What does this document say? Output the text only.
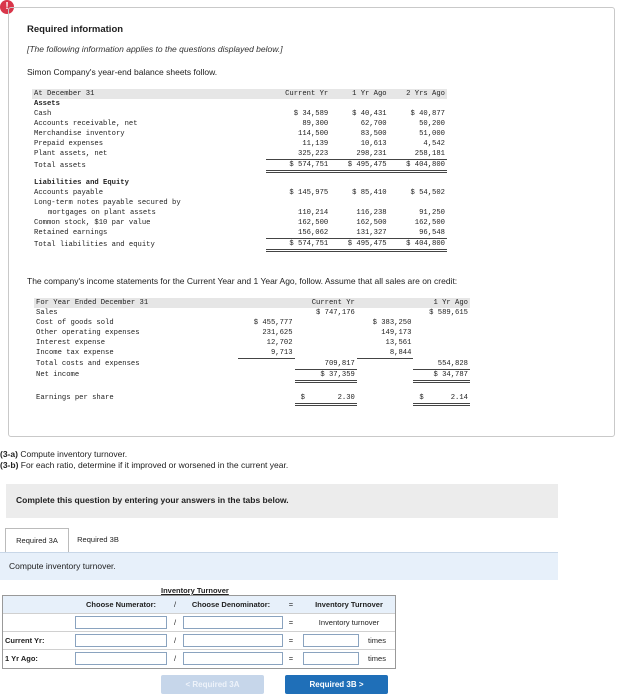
!
Required information
[The following information applies to the questions displayed below.]
Simon Company's year-end balance sheets follow.
At December 31	Current Yr	1 Yr Ago	2 Yrs Ago
Assets			
Cash	$ 34,589	$ 40,431	$ 40,877
Accounts receivable, net	89,300	62,700	50,200
Merchandise inventory	114,500	83,500	51,000
Prepaid expenses	11,139	10,613	4,542
Plant assets, net	325,223	298,231	258,181
Total assets	$ 574,751	$ 495,475	$ 404,800

Liabilities and Equity			
Accounts payable	$ 145,975	$ 85,410	$ 54,502
Long-term notes payable secured by			
mortgages on plant assets	110,214	116,238	91,250
Common stock, $10 par value	162,500	162,500	162,500
Retained earnings	156,062	131,327	96,548
Total liabilities and equity	$ 574,751	$ 495,475	$ 404,800
The company's income statements for the Current Year and 1 Year Ago, follow. Assume that all sales are on credit:
For Year Ended December 31		Current Yr		1 Yr Ago
Sales		$ 747,176		$ 589,615
Cost of goods sold	$ 455,777		$ 383,250	
Other operating expenses	231,625		149,173	
Interest expense	12,702		13,561	
Income tax expense	9,713		8,844	
Total costs and expenses		709,817		554,828
Net income		$ 37,359		$ 34,787

Earnings per share		$ 2.30		$ 2.14
(3-a) Compute inventory turnover.
(3-b) For each ratio, determine if it improved or worsened in the current year.
Complete this question by entering your answers in the tabs below.
Required 3A	Required 3B
Compute inventory turnover.
Inventory Turnover
Choose Numerator:	/	Choose Denominator:	=	Inventory Turnover
/	=	Inventory turnover
Current Yr:	/	=	times
1 Yr Ago:	/	=	times
< Required 3A	Required 3B >
